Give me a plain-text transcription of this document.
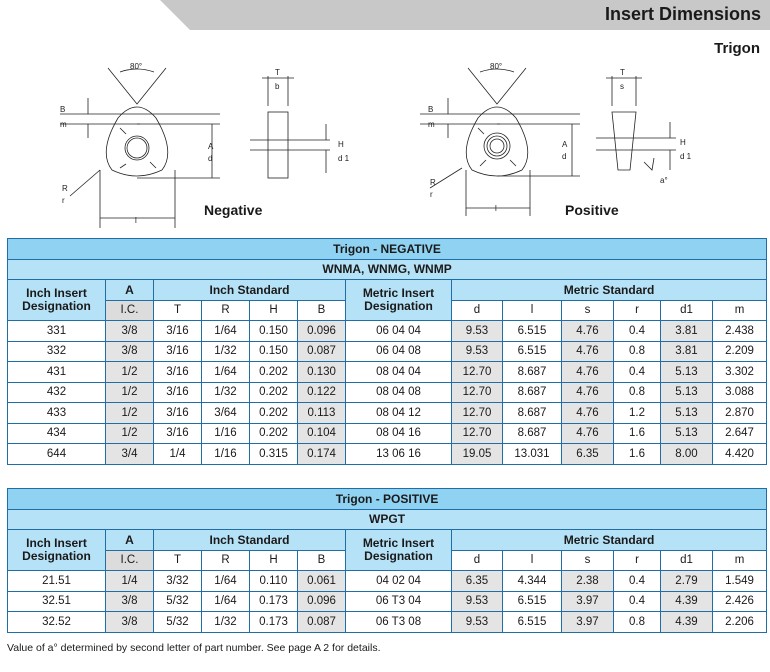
Insert Dimensions
Trigon
80°
B
m
A
d
R
r
l
T
b
H
d 1
Negative
80°
B
m
A
d
R
r
l
T
s
H
d 1
a°
Positive
Trigon - NEGATIVE												
WNMA, WNMG, WNMP												
Inch Insert Designation	A	Inch Standard				Metric Insert Designation	Metric Standard					
	I.C.	T	R	H	B		d	l	s	r	d1	m
331	3/8	3/16	1/64	0.150	0.096	06 04 04	9.53	6.515	4.76	0.4	3.81	2.438
332	3/8	3/16	1/32	0.150	0.087	06 04 08	9.53	6.515	4.76	0.8	3.81	2.209
431	1/2	3/16	1/64	0.202	0.130	08 04 04	12.70	8.687	4.76	0.4	5.13	3.302
432	1/2	3/16	1/32	0.202	0.122	08 04 08	12.70	8.687	4.76	0.8	5.13	3.088
433	1/2	3/16	3/64	0.202	0.113	08 04 12	12.70	8.687	4.76	1.2	5.13	2.870
434	1/2	3/16	1/16	0.202	0.104	08 04 16	12.70	8.687	4.76	1.6	5.13	2.647
644	3/4	1/4	1/16	0.315	0.174	13 06 16	19.05	13.031	6.35	1.6	8.00	4.420
Trigon - POSITIVE												
WPGT												
Inch Insert Designation	A	Inch Standard				Metric Insert Designation	Metric Standard					
	I.C.	T	R	H	B		d	l	s	r	d1	m
21.51	1/4	3/32	1/64	0.110	0.061	04 02 04	6.35	4.344	2.38	0.4	2.79	1.549
32.51	3/8	5/32	1/64	0.173	0.096	06 T3 04	9.53	6.515	3.97	0.4	4.39	2.426
32.52	3/8	5/32	1/32	0.173	0.087	06 T3 08	9.53	6.515	3.97	0.8	4.39	2.206
Value of a° determined by second letter of part number. See page A 2 for details.
